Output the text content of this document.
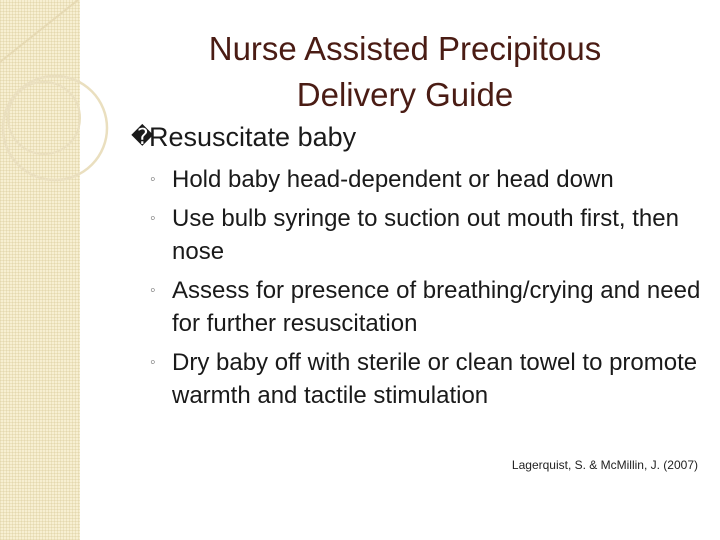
Nurse Assisted Precipitous
Delivery Guide
�Resuscitate baby
◦ Hold baby head-dependent or head down
◦ Use bulb syringe to suction out mouth first, then nose
◦ Assess for presence of breathing/crying and need for further resuscitation
◦ Dry baby off with sterile or clean towel to promote warmth and tactile stimulation
Lagerquist, S. & McMillin, J. (2007)
